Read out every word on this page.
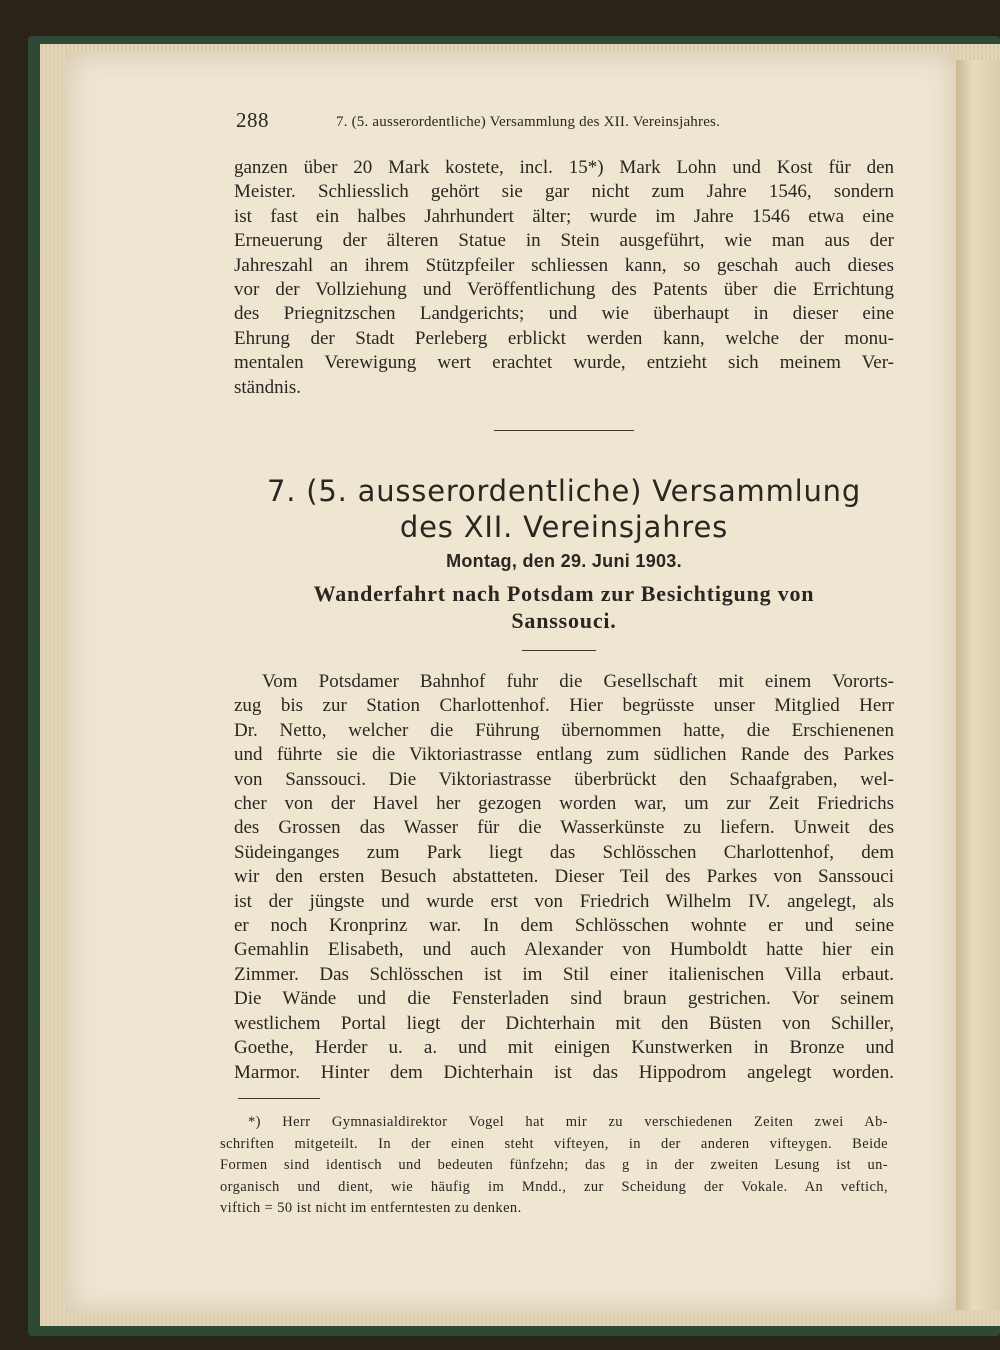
288	7. (5. ausserordentliche) Versammlung des XII. Vereinsjahres.
ganzen über 20 Mark kostete, incl. 15*) Mark Lohn und Kost für den
Meister. Schliesslich gehört sie gar nicht zum Jahre 1546, sondern
ist fast ein halbes Jahrhundert älter; wurde im Jahre 1546 etwa eine
Erneuerung der älteren Statue in Stein ausgeführt, wie man aus der
Jahreszahl an ihrem Stützpfeiler schliessen kann, so geschah auch dieses
vor der Vollziehung und Veröffentlichung des Patents über die Errichtung
des Priegnitzschen Landgerichts; und wie überhaupt in dieser eine
Ehrung der Stadt Perleberg erblickt werden kann, welche der monu-
mentalen Verewigung wert erachtet wurde, entzieht sich meinem Ver-
ständnis.
7. (5. ausserordentliche) Versammlung
des XII. Vereinsjahres
Montag, den 29. Juni 1903.
Wanderfahrt nach Potsdam zur Besichtigung von
Sanssouci.
Vom Potsdamer Bahnhof fuhr die Gesellschaft mit einem Vororts-
zug bis zur Station Charlottenhof. Hier begrüsste unser Mitglied Herr
Dr. Netto, welcher die Führung übernommen hatte, die Erschienenen
und führte sie die Viktoriastrasse entlang zum südlichen Rande des Parkes
von Sanssouci. Die Viktoriastrasse überbrückt den Schaafgraben, wel-
cher von der Havel her gezogen worden war, um zur Zeit Friedrichs
des Grossen das Wasser für die Wasserkünste zu liefern. Unweit des
Südeinganges zum Park liegt das Schlösschen Charlottenhof, dem
wir den ersten Besuch abstatteten. Dieser Teil des Parkes von Sanssouci
ist der jüngste und wurde erst von Friedrich Wilhelm IV. angelegt, als
er noch Kronprinz war. In dem Schlösschen wohnte er und seine
Gemahlin Elisabeth, und auch Alexander von Humboldt hatte hier ein
Zimmer. Das Schlösschen ist im Stil einer italienischen Villa erbaut.
Die Wände und die Fensterladen sind braun gestrichen. Vor seinem
westlichem Portal liegt der Dichterhain mit den Büsten von Schiller,
Goethe, Herder u. a. und mit einigen Kunstwerken in Bronze und
Marmor. Hinter dem Dichterhain ist das Hippodrom angelegt worden.
*) Herr Gymnasialdirektor Vogel hat mir zu verschiedenen Zeiten zwei Ab-
schriften mitgeteilt. In der einen steht vifteyen, in der anderen vifteygen. Beide
Formen sind identisch und bedeuten fünfzehn; das g in der zweiten Lesung ist un-
organisch und dient, wie häufig im Mndd., zur Scheidung der Vokale. An veftich,
viftich = 50 ist nicht im entferntesten zu denken.
